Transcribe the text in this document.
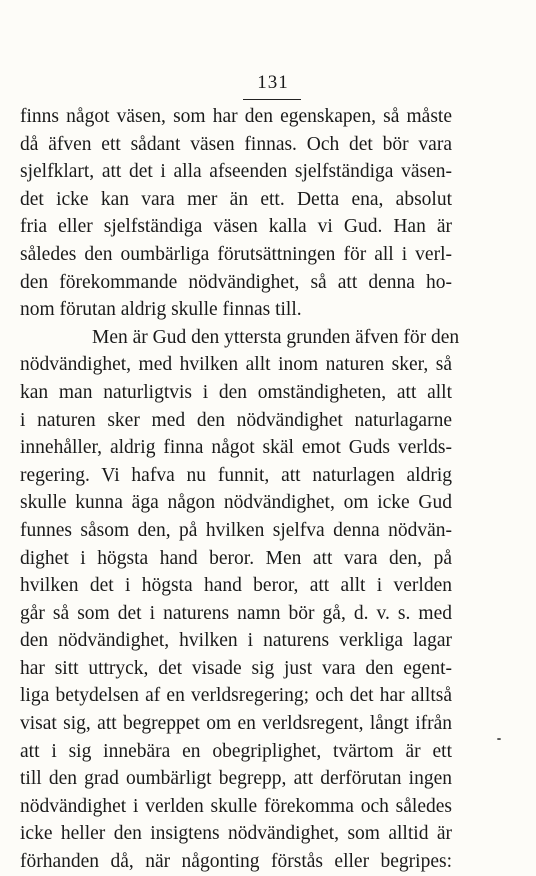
131
finns något väsen, som har den egenskapen, så måste
då äfven ett sådant väsen finnas. Och det bör vara
sjelfklart, att det i alla afseenden sjelfständiga väsen-
det icke kan vara mer än ett. Detta ena, absolut
fria eller sjelfständiga väsen kalla vi Gud. Han är
således den oumbärliga förutsättningen för all i verl-
den förekommande nödvändighet, så att denna ho-
nom förutan aldrig skulle finnas till.
Men är Gud den yttersta grunden äfven för den
nödvändighet, med hvilken allt inom naturen sker, så
kan man naturligtvis i den omständigheten, att allt
i naturen sker med den nödvändighet naturlagarne
innehåller, aldrig finna något skäl emot Guds verlds-
regering. Vi hafva nu funnit, att naturlagen aldrig
skulle kunna äga någon nödvändighet, om icke Gud
funnes såsom den, på hvilken sjelfva denna nödvän-
dighet i högsta hand beror. Men att vara den, på
hvilken det i högsta hand beror, att allt i verlden
går så som det i naturens namn bör gå, d. v. s. med
den nödvändighet, hvilken i naturens verkliga lagar
har sitt uttryck, det visade sig just vara den egent-
liga betydelsen af en verldsregering; och det har alltså
visat sig, att begreppet om en verldsregent, långt ifrån
att i sig innebära en obegriplighet, tvärtom är ett
till den grad oumbärligt begrepp, att derförutan ingen
nödvändighet i verlden skulle förekomma och således
icke heller den insigtens nödvändighet, som alltid är
förhanden då, när någonting förstås eller begripes:
